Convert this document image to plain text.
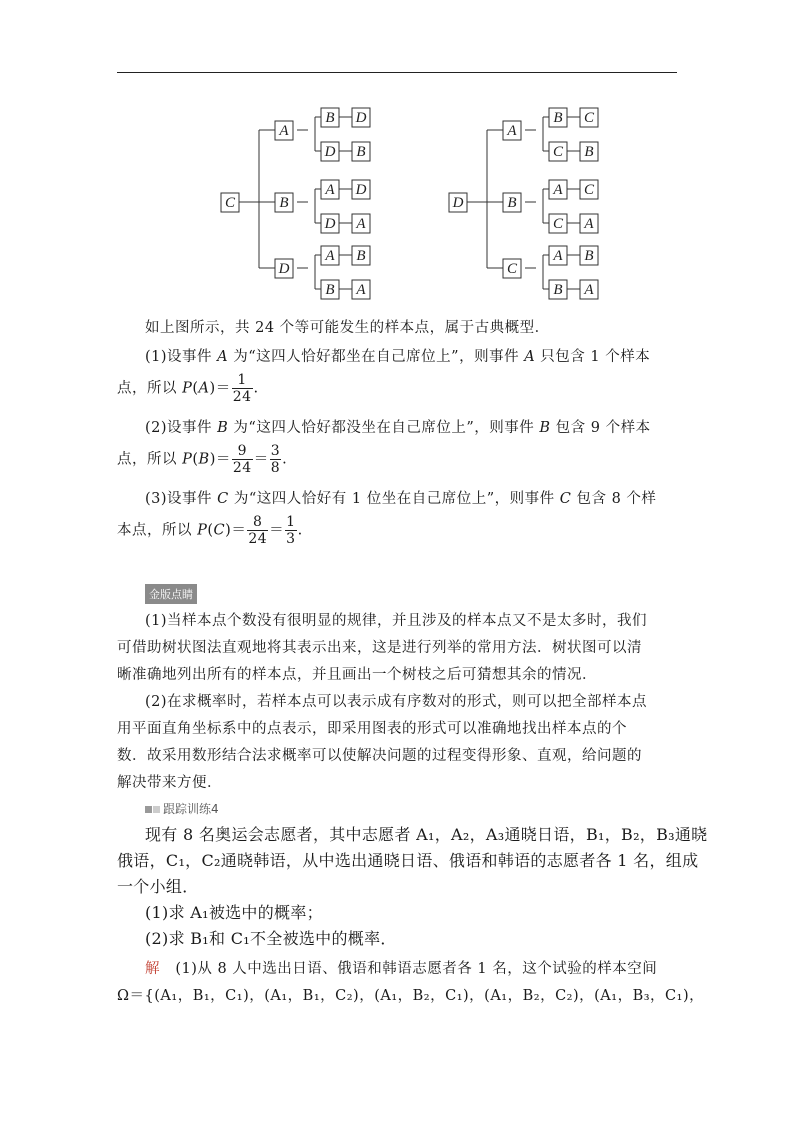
C
A
B D
D B
B
A D
D A
D
A B
B A
D
A
B C
C B
B
A C
C A
C
A B
B A
如上图所示，共 24 个等可能发生的样本点，属于古典概型．
(1)设事件 A 为“这四人恰好都坐在自己席位上”，则事件 A 只包含 1 个样本
点，所以 $P(A)= \frac{1}{24}$ .
(2)设事件 B 为“这四人恰好都没坐在自己席位上”，则事件 B 包含 9 个样本
点，所以 $P(B)= \frac{9}{24} = \frac{3}{8}$ .
(3)设事件 C 为“这四人恰好有 1 位坐在自己席位上”，则事件 C 包含 8 个样
本点，所以 $P(C)= \frac{8}{24} = \frac{1}{3}$ .
金版点睛
(1)当样本点个数没有很明显的规律，并且涉及的样本点又不是太多时，我们
可借助树状图法直观地将其表示出来，这是进行列举的常用方法．树状图可以清
晰准确地列出所有的样本点，并且画出一个树枝之后可猜想其余的情况．
(2)在求概率时，若样本点可以表示成有序数对的形式，则可以把全部样本点
用平面直角坐标系中的点表示，即采用图表的形式可以准确地找出样本点的个
数．故采用数形结合法求概率可以使解决问题的过程变得形象、直观，给问题的
解决带来方便．
跟踪训练4
现有 8 名奥运会志愿者，其中志愿者 A₁，A₂，A₃通晓日语，B₁，B₂，B₃通晓
俄语，C₁，C₂通晓韩语，从中选出通晓日语、俄语和韩语的志愿者各 1 名，组成
一个小组．
(1)求 A₁被选中的概率；
(2)求 B₁和 C₁不全被选中的概率．
解 (1)从 8 人中选出日语、俄语和韩语志愿者各 1 名，这个试验的样本空间
Ω＝{(A₁，B₁，C₁)，(A₁，B₁，C₂)，(A₁，B₂，C₁)，(A₁，B₂，C₂)，(A₁，B₃，C₁)，
